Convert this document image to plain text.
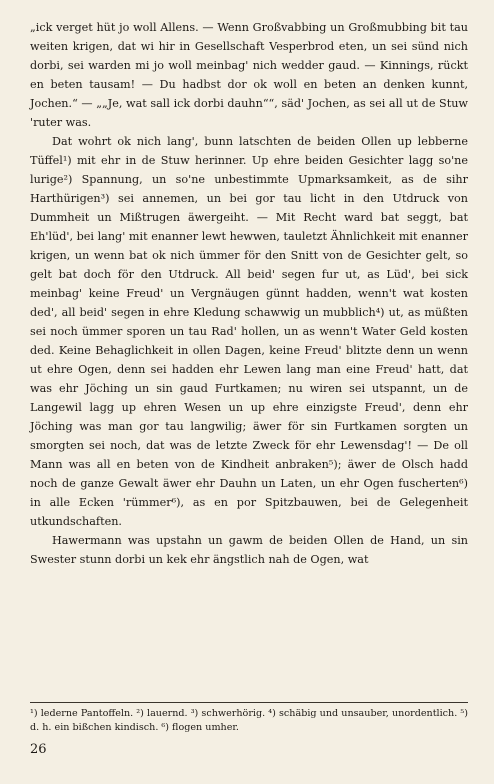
„ick verget hüt jo woll Allens. — Wenn Großvabbing un Großmubbing bit tau weiten krigen, dat wi hir in Gesellschaft Vesperbrod eten, un sei sünd nich dorbi, sei warden mi jo woll meinbag' nich wedder gaud. — Kinnings, rückt en beten tausam! — Du hadbst dor ok woll en beten an denken kunnt, Jochen.“ — „„Je, wat sall ick dorbi dauhn““, säd' Jochen, as sei all ut de Stuw 'ruter was.

Dat wohrt ok nich lang', bunn latschten de beiden Ollen up lebberne Tüffel¹) mit ehr in de Stuw herinner. Up ehre beiden Gesichter lagg so'ne lurige²) Spannung, un so'ne unbestimmte Upmarksamkeit, as de sihr Harthürigen³) sei annemen, un bei gor tau licht in den Utdruck von Dummheit un Mißtrugen äwergeiht. — Mit Recht ward bat seggt, bat Eh'lüd', bei lang' mit enanner lewt hewwen, tauletzt Ähnlichkeit mit enanner krigen, un wenn bat ok nich ümmer för den Snitt von de Gesichter gelt, so gelt bat doch för den Utdruck. All beid' segen fur ut, as Lüd', bei sick meinbag' keine Freud' un Vergnäugen günnt hadden, wenn't wat kosten ded', all beid' segen in ehre Kledung schawwig un mubblich⁴) ut, as müßten sei noch ümmer sporen un tau Rad' hollen, un as wenn't Water Geld kosten ded. Keine Behaglichkeit in ollen Dagen, keine Freud' blitzte denn un wenn ut ehre Ogen, denn sei hadden ehr Lewen lang man eine Freud' hatt, dat was ehr Jöching un sin gaud Furtkamen; nu wiren sei utspannt, un de Langewil lagg up ehren Wesen un up ehre einzigste Freud', denn ehr Jöching was man gor tau langwilig; äwer för sin Furtkamen sorgten un smorgten sei noch, dat was de letzte Zweck för ehr Lewensdag'! — De oll Mann was all en beten von de Kindheit anbraken⁵); äwer de Olsch hadd noch de ganze Gewalt äwer ehr Dauhn un Laten, un ehr Ogen fuscherten⁶) in alle Ecken 'rümmer⁶), as en por Spitzbauwen, bei de Gelegenheit utkundschaften.

Hawermann was upstahn un gawm de beiden Ollen de Hand, un sin Swester stunn dorbi un kek ehr ängstlich nah de Ogen, wat

¹) lederne Pantoffeln. ²) lauernd. ³) schwerhörig. ⁴) schäbig und unsauber, unordentlich. ⁵) d. h. ein bißchen kindisch. ⁶) flogen umher.
26
